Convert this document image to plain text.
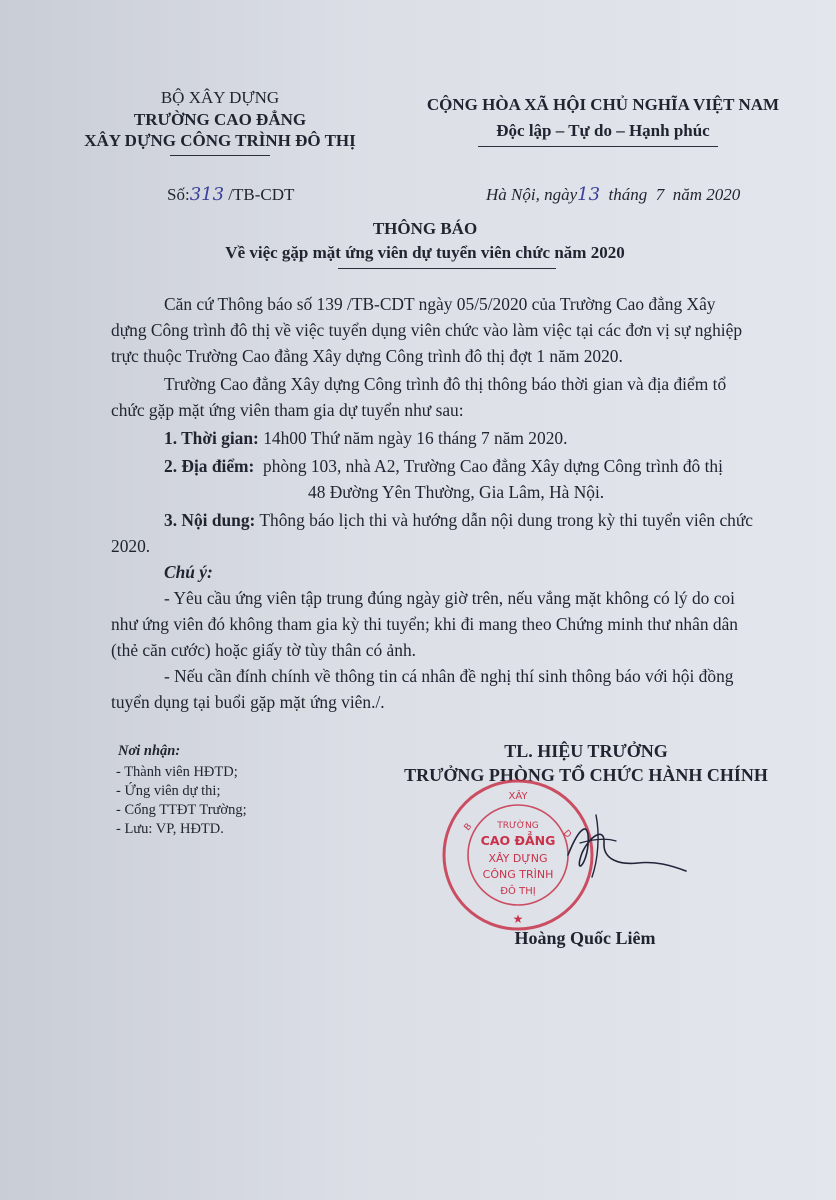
BỘ XÂY DỰNG
TRƯỜNG CAO ĐẲNG
XÂY DỰNG CÔNG TRÌNH ĐÔ THỊ
CỘNG HÒA XÃ HỘI CHỦ NGHĨA VIỆT NAM
Độc lập – Tự do – Hạnh phúc
Số:313 /TB-CDT	Hà Nội, ngày13 tháng 7 năm 2020
THÔNG BÁO
Về việc gặp mặt ứng viên dự tuyển viên chức năm 2020
Căn cứ Thông báo số 139 /TB-CDT ngày 05/5/2020 của Trường Cao đẳng Xây
dựng Công trình đô thị về việc tuyển dụng viên chức vào làm việc tại các đơn vị sự nghiệp
trực thuộc Trường Cao đẳng Xây dựng Công trình đô thị đợt 1 năm 2020.
Trường Cao đẳng Xây dựng Công trình đô thị thông báo thời gian và địa điểm tổ
chức gặp mặt ứng viên tham gia dự tuyển như sau:
1. Thời gian: 14h00 Thứ năm ngày 16 tháng 7 năm 2020.
2. Địa điểm: phòng 103, nhà A2, Trường Cao đẳng Xây dựng Công trình đô thị
48 Đường Yên Thường, Gia Lâm, Hà Nội.
3. Nội dung: Thông báo lịch thi và hướng dẫn nội dung trong kỳ thi tuyển viên chức
2020.
Chú ý:
- Yêu cầu ứng viên tập trung đúng ngày giờ trên, nếu vắng mặt không có lý do coi
như ứng viên đó không tham gia kỳ thi tuyển; khi đi mang theo Chứng minh thư nhân dân
(thẻ căn cước) hoặc giấy tờ tùy thân có ảnh.
- Nếu cần đính chính về thông tin cá nhân đề nghị thí sinh thông báo với hội đồng
tuyển dụng tại buổi gặp mặt ứng viên./.
Nơi nhận:
- Thành viên HĐTD;
- Ứng viên dự thi;
- Cổng TTĐT Trường;
- Lưu: VP, HĐTD.
TL. HIỆU TRƯỞNG
TRƯỞNG PHÒNG TỔ CHỨC HÀNH CHÍNH
XÂY
B
D
TRƯỜNG
CAO ĐẲNG
XÂY DỰNG
CÔNG TRÌNH
ĐÔ THỊ
★
Hoàng Quốc Liêm
